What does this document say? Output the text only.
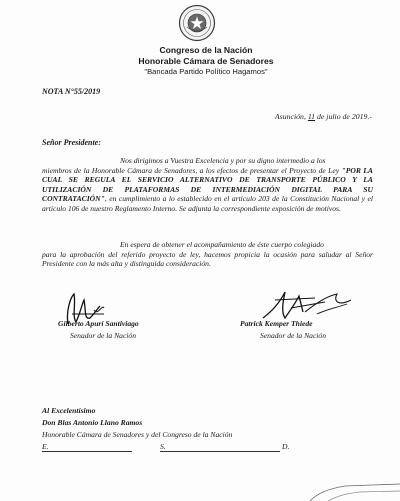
Congreso de la Nación
Honorable Cámara de Senadores
"Bancada Partido Político Hagamos"
NOTA N°55/2019
Asunción, 11 de julio de 2019.-
Señor Presidente:
Nos dirigimos a Vuestra Excelencia y por su digno intermedio a los
miembros de la Honorable Cámara de Senadores, a los efectos de presentar el Proyecto de Ley "POR LA CUAL SE REGULA EL SERVICIO ALTERNATIVO DE TRANSPORTE PÚBLICO Y LA UTILIZACIÓN DE PLATAFORMAS DE INTERMEDIACIÓN DIGITAL PARA SU CONTRATACIÓN", en cumplimiento a lo establecido en el artículo 203 de la Constitución Nacional y el artículo 106 de nuestro Reglamento Interno. Se adjunta la correspondiente exposición de motivos.
En espera de obtener el acompañamiento de éste cuerpo colegiado
para la aprobación del referido proyecto de ley, hacemos propicia la ocasión para saludar al Señor Presidente con la más alta y distinguida consideración.
Gilberto Apurí Santiviago
Senador de la Nación
Patrick Kemper Thiede
Senador de la Nación
Al Excelentísimo
Don Blas Antonio Llano Ramos
Honorable Cámara de Senadores y del Congreso de la Nación
E.	S.	D.
